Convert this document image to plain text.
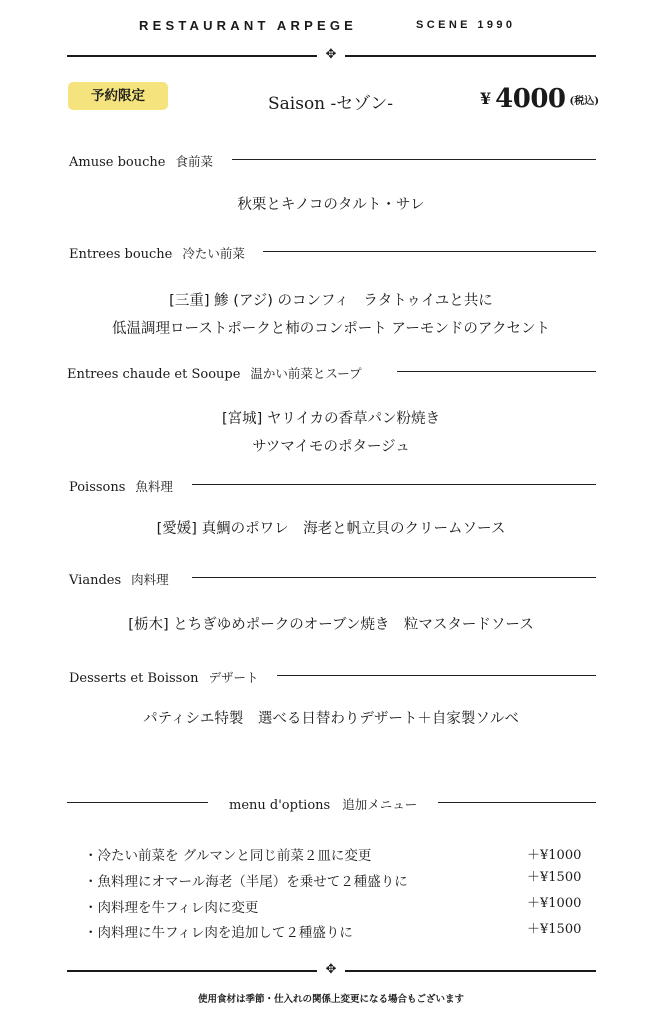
RESTAURANT ARPEGE	SCENE 1990
✥
予約限定	Saison -セゾン-	¥ 4000 (税込)
Amuse bouche 食前菜
秋栗とキノコのタルト・サレ
Entrees bouche 冷たい前菜
[三重] 鯵 (アジ) のコンフィ　ラタトゥイユと共に
低温調理ローストポークと柿のコンポート アーモンドのアクセント
Entrees chaude et Sooupe 温かい前菜とスープ
[宮城] ヤリイカの香草パン粉焼き
サツマイモのポタージュ
Poissons 魚料理
[愛媛] 真鯛のポワレ　海老と帆立貝のクリームソース
Viandes 肉料理
[栃木] とちぎゆめポークのオーブン焼き　粒マスタードソース
Desserts et Boisson デザート
パティシエ特製　選べる日替わりデザート＋自家製ソルベ
menu d'options 追加メニュー
・冷たい前菜を グルマンと同じ前菜２皿に変更	＋¥1000
・魚料理にオマール海老（半尾）を乗せて２種盛りに	＋¥1500
・肉料理を牛フィレ肉に変更	＋¥1000
・肉料理に牛フィレ肉を追加して２種盛りに	＋¥1500
✥
使用食材は季節・仕入れの関係上変更になる場合もございます
